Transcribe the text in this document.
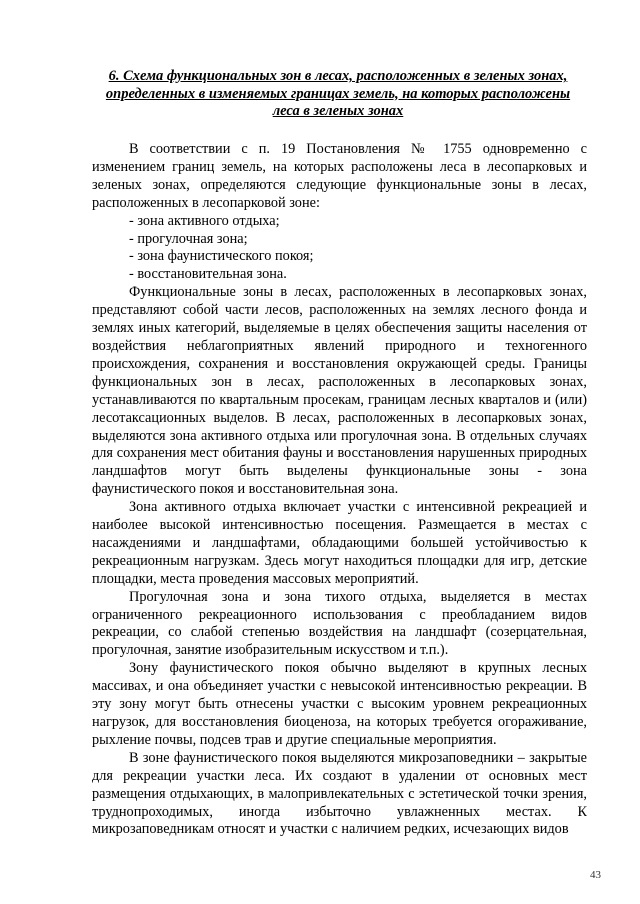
6. Схема функциональных зон в лесах, расположенных в зеленых зонах,
определенных в изменяемых границах земель, на которых расположены
леса в зеленых зонах

В соответствии с п. 19 Постановления № 1755 одновременно с изменением границ земель, на которых расположены леса в лесопарковых и зеленых зонах, определяются следующие функциональные зоны в лесах, расположенных в лесопарковой зоне:

- зона активного отдыха;
- прогулочная зона;
- зона фаунистического покоя;
- восстановительная зона.

Функциональные зоны в лесах, расположенных в лесопарковых зонах, представляют собой части лесов, расположенных на землях лесного фонда и землях иных категорий, выделяемые в целях обеспечения защиты населения от воздействия неблагоприятных явлений природного и техногенного происхождения, сохранения и восстановления окружающей среды. Границы функциональных зон в лесах, расположенных в лесопарковых зонах, устанавливаются по квартальным просекам, границам лесных кварталов и (или) лесотаксационных выделов. В лесах, расположенных в лесопарковых зонах, выделяются зона активного отдыха или прогулочная зона. В отдельных случаях для сохранения мест обитания фауны и восстановления нарушенных природных ландшафтов могут быть выделены функциональные зоны - зона фаунистического покоя и восстановительная зона.

Зона активного отдыха включает участки с интенсивной рекреацией и наиболее высокой интенсивностью посещения. Размещается в местах с насаждениями и ландшафтами, обладающими большей устойчивостью к рекреационным нагрузкам. Здесь могут находиться площадки для игр, детские площадки, места проведения массовых мероприятий.

Прогулочная зона и зона тихого отдыха, выделяется в местах ограниченного рекреационного использования с преобладанием видов рекреации, со слабой степенью воздействия на ландшафт (созерцательная, прогулочная, занятие изобразительным искусством и т.п.).

Зону фаунистического покоя обычно выделяют в крупных лесных массивах, и она объединяет участки с невысокой интенсивностью рекреации. В эту зону могут быть отнесены участки с высоким уровнем рекреационных нагрузок, для восстановления биоценоза, на которых требуется огораживание, рыхление почвы, подсев трав и другие специальные мероприятия.

В зоне фаунистического покоя выделяются микрозаповедники – закрытые для рекреации участки леса. Их создают в удалении от основных мест размещения отдыхающих, в малопривлекательных с эстетической точки зрения, труднопроходимых, иногда избыточно увлажненных местах. К микрозаповедникам относят и участки с наличием редких, исчезающих видов

43
